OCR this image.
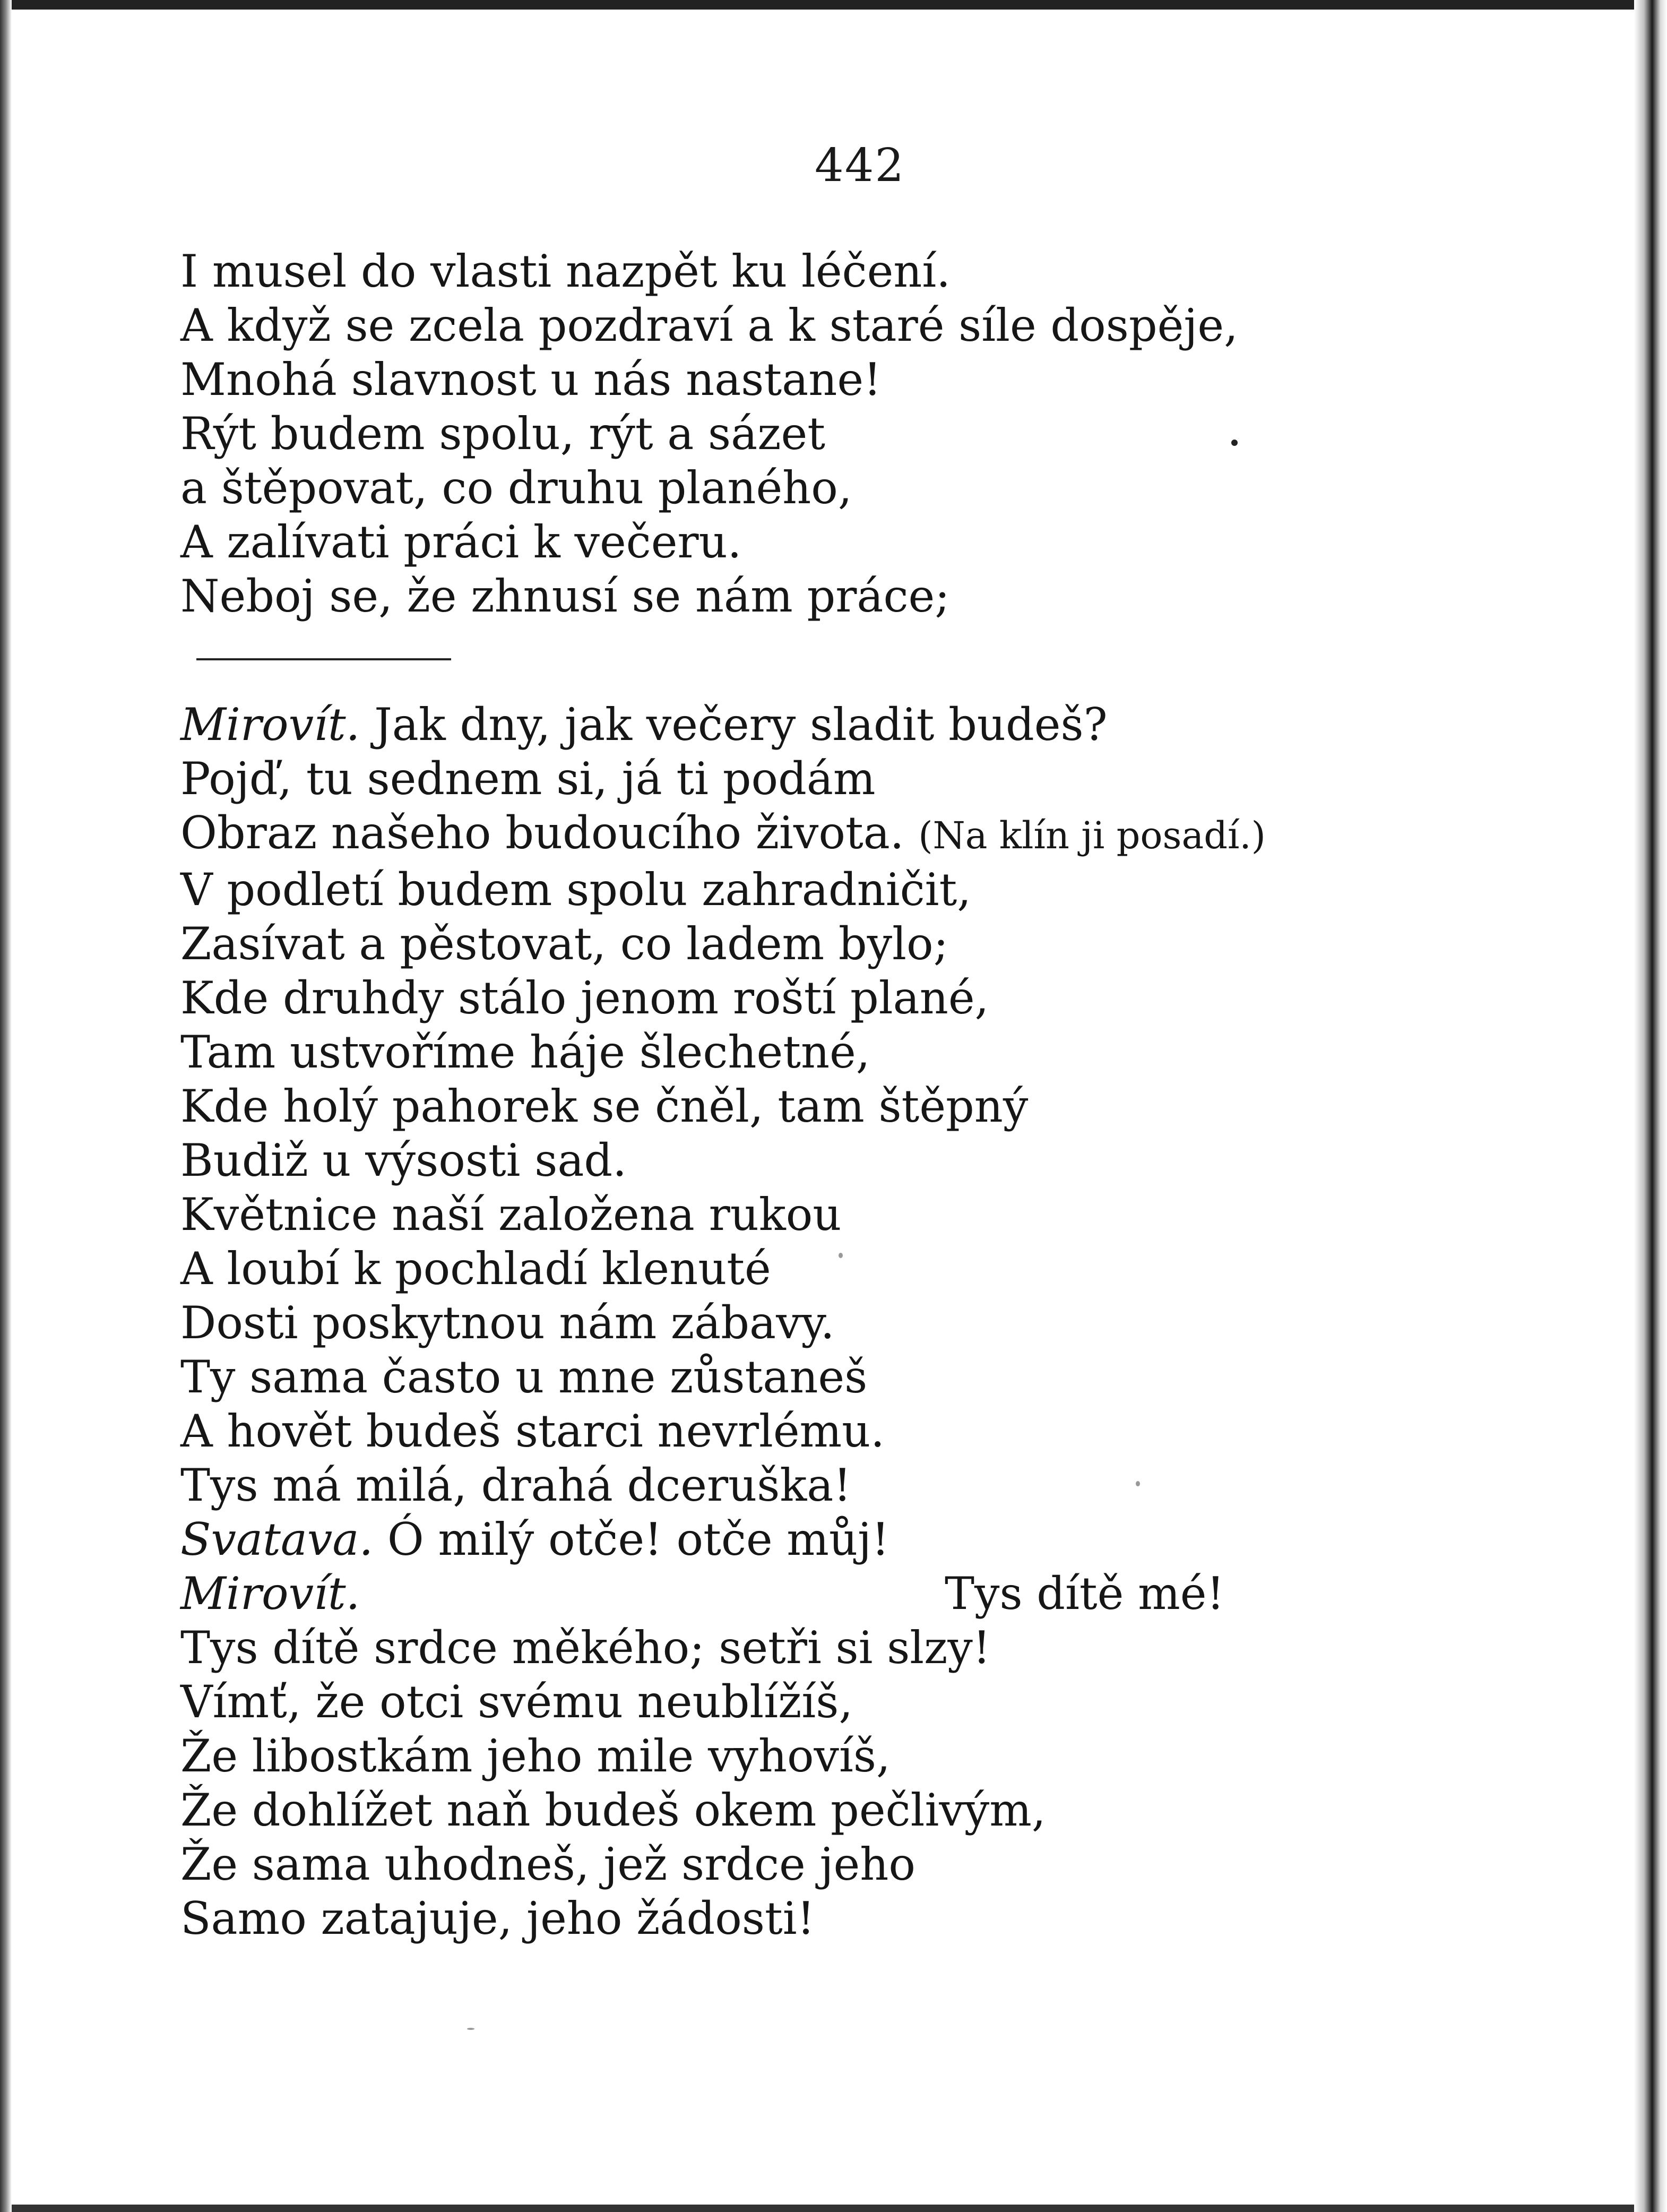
442
I musel do vlasti nazpět ku léčení.
A když se zcela pozdraví a k staré síle dospěje,
Mnohá slavnost u nás nastane!
Rýt budem spolu, rýt a sázet
a štěpovat, co druhu planého,
A zalívati práci k večeru.
Neboj se, že zhnusí se nám práce;
Mirovít. Jak dny, jak večery sladit budeš?
Pojď, tu sednem si, já ti podám
Obraz našeho budoucího života. (Na klín ji posadí.)
V podletí budem spolu zahradničit,
Zasívat a pěstovat, co ladem bylo;
Kde druhdy stálo jenom roští plané,
Tam ustvoříme háje šlechetné,
Kde holý pahorek se čněl, tam štěpný
Budiž u výsosti sad.
Květnice naší založena rukou
A loubí k pochladí klenuté
Dosti poskytnou nám zábavy.
Ty sama často u mne zůstaneš
A hovět budeš starci nevrlému.
Tys má milá, drahá dceruška!
Svatava. Ó milý otče! otče můj!
Mirovít.	Tys dítě mé!
Tys dítě srdce měkého; setři si slzy!
Vímť, že otci svému neublížíš,
Že libostkám jeho mile vyhovíš,
Že dohlížet naň budeš okem pečlivým,
Že sama uhodneš, jež srdce jeho
Samo zatajuje, jeho žádosti!
